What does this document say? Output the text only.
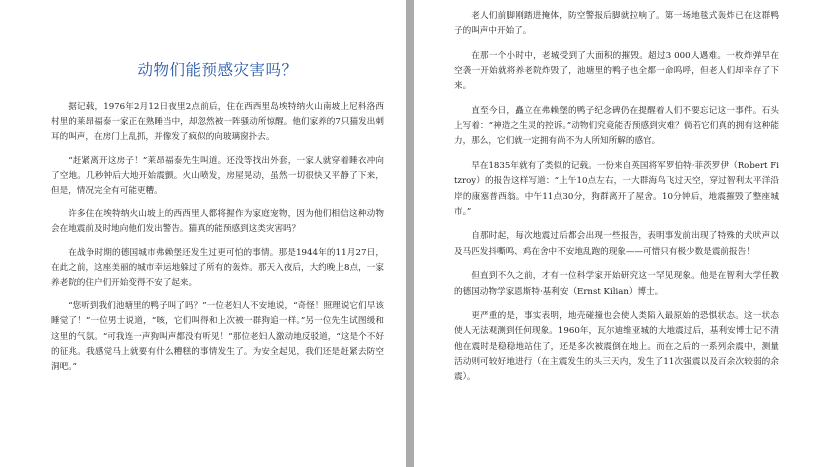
动物们能预感灾害吗？

据记载，1976年2月12日夜里2点前后，住在西西里岛埃特纳火山南坡上尼科洛西村里的莱昂福泰一家正在熟睡当中，却忽然被一阵骚动所惊醒。他们家养的7只猫发出刺耳的叫声，在房门上乱抓，并像发了疯似的向玻璃窗扑去。

“赶紧离开这房子！”莱昂福泰先生叫道。还没等找出外套，一家人就穿着睡衣冲向了空地。几秒钟后大地开始震颤。火山喷发，房屋晃动，虽然一切很快又平静了下来，但是，情况完全有可能更糟。

许多住在埃特纳火山坡上的西西里人都将握作为家庭宠物，因为他们相信这种动物会在地震前及时地向他们发出警告。猫真的能预感到这类灾害吗？

在战争时期的德国城市弗赖堡还发生过更可怕的事情。那是1944年的11月27日，在此之前，这座美丽的城市幸运地躲过了所有的轰炸。那天入夜后，大约晚上8点，一家养老院的住户们开始变得不安了起来。

“您听到我们池塘里的鸭子叫了吗？”一位老妇人不安地说，“奇怪！照理说它们早该睡觉了！”一位男士说道，“咳，它们叫得和上次被一群狗追一样。”另一位先生试图缓和这里的气氛。“可我连一声狗叫声都没有听见！”那位老妇人激动地反驳道，“这是个不好的征兆。我感觉马上就要有什么糟糕的事情发生了。为安全起见，我们还是赶紧去防空洞吧。”

老人们前脚刚踏进掩体，防空警报后脚就拉响了。第一场地毯式轰炸已在这群鸭子的叫声中开始了。

在那一个小时中，老城受到了大面积的摧毁。超过3 000人遇难。一枚炸弹早在空袭一开始就将养老院炸毁了，池塘里的鸭子也全都一命呜呼，但老人们却幸存了下来。

直至今日，矗立在弗赖堡的鸭子纪念碑仍在提醒着人们不要忘记这一事件。石头上写着：“神造之生灵的控诉。”动物们究竟能否预感到灾难？倘若它们真的拥有这种能力，那么，它们就一定拥有尚不为人所知所解的感官。

早在1835年就有了类似的记载。一份来自英国将军罗伯特·菲茨罗伊（Robert Fitzroy）的报告这样写道：“上午10点左右，一大群海鸟飞过天空，穿过智利太平洋沿岸的康塞普西翁。中午11点30分，狗群离开了屋舍。10分钟后，地震摧毁了整座城市。”

自那时起，每次地震过后都会出现一些报告，表明事发前出现了特殊的犬吠声以及马匹发抖嘶鸣、鸡在舍中不安地乱跑的现象——可惜只有极少数是震前报告！

但直到不久之前，才有一位科学家开始研究这一罕见现象。他是在智利大学任教的德国动物学家恩斯特·基利安（Ernst Kilian）博士。

更严重的是，事实表明，地壳碰撞也会使人类陷入最原始的恐惧状态。这一状态使人无法观测到任何现象。1960年，瓦尔迪维亚城的大地震过后，基利安博士记不清他在震时是稳稳地站住了，还是多次被震倒在地上。而在之后的一系列余震中，测量活动则可较好地进行（在主震发生的头三天内，发生了11次强震以及百余次较弱的余震）。
